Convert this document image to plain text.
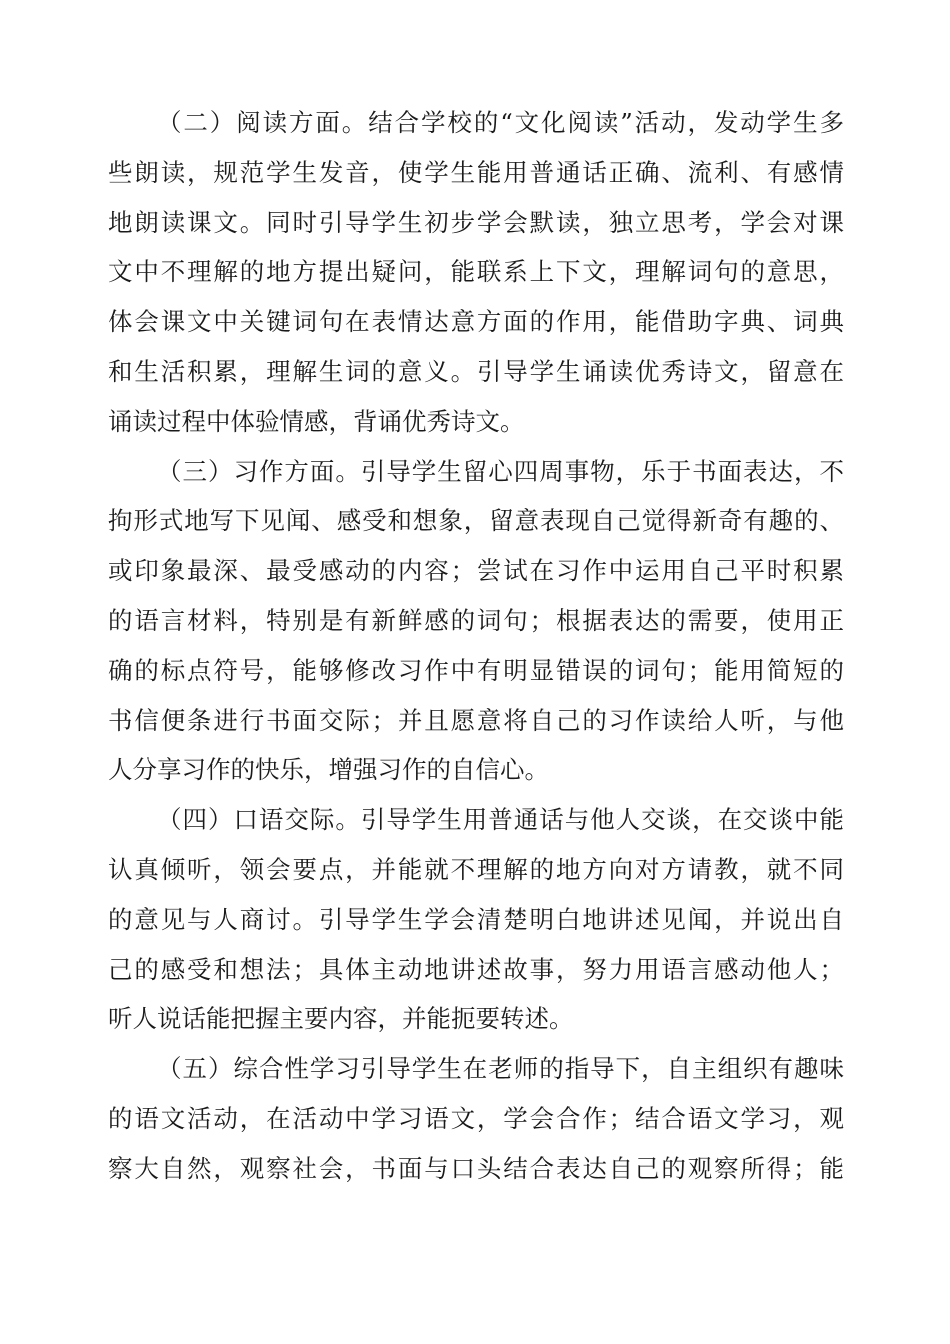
（二）阅读方面。结合学校的“文化阅读”活动，发动学生多
些朗读，规范学生发音，使学生能用普通话正确、流利、有感情
地朗读课文。同时引导学生初步学会默读，独立思考，学会对课
文中不理解的地方提出疑问，能联系上下文，理解词句的意思，
体会课文中关键词句在表情达意方面的作用，能借助字典、词典
和生活积累，理解生词的意义。引导学生诵读优秀诗文，留意在
诵读过程中体验情感，背诵优秀诗文。

（三）习作方面。引导学生留心四周事物，乐于书面表达，不
拘形式地写下见闻、感受和想象，留意表现自己觉得新奇有趣的、
或印象最深、最受感动的内容；尝试在习作中运用自己平时积累
的语言材料，特别是有新鲜感的词句；根据表达的需要，使用正
确的标点符号，能够修改习作中有明显错误的词句；能用简短的
书信便条进行书面交际；并且愿意将自己的习作读给人听，与他
人分享习作的快乐，增强习作的自信心。

（四）口语交际。引导学生用普通话与他人交谈，在交谈中能
认真倾听，领会要点，并能就不理解的地方向对方请教，就不同
的意见与人商讨。引导学生学会清楚明白地讲述见闻，并说出自
己的感受和想法；具体主动地讲述故事，努力用语言感动他人；
听人说话能把握主要内容，并能扼要转述。

（五）综合性学习引导学生在老师的指导下，自主组织有趣味
的语文活动，在活动中学习语文，学会合作；结合语文学习，观
察大自然，观察社会，书面与口头结合表达自己的观察所得；能
